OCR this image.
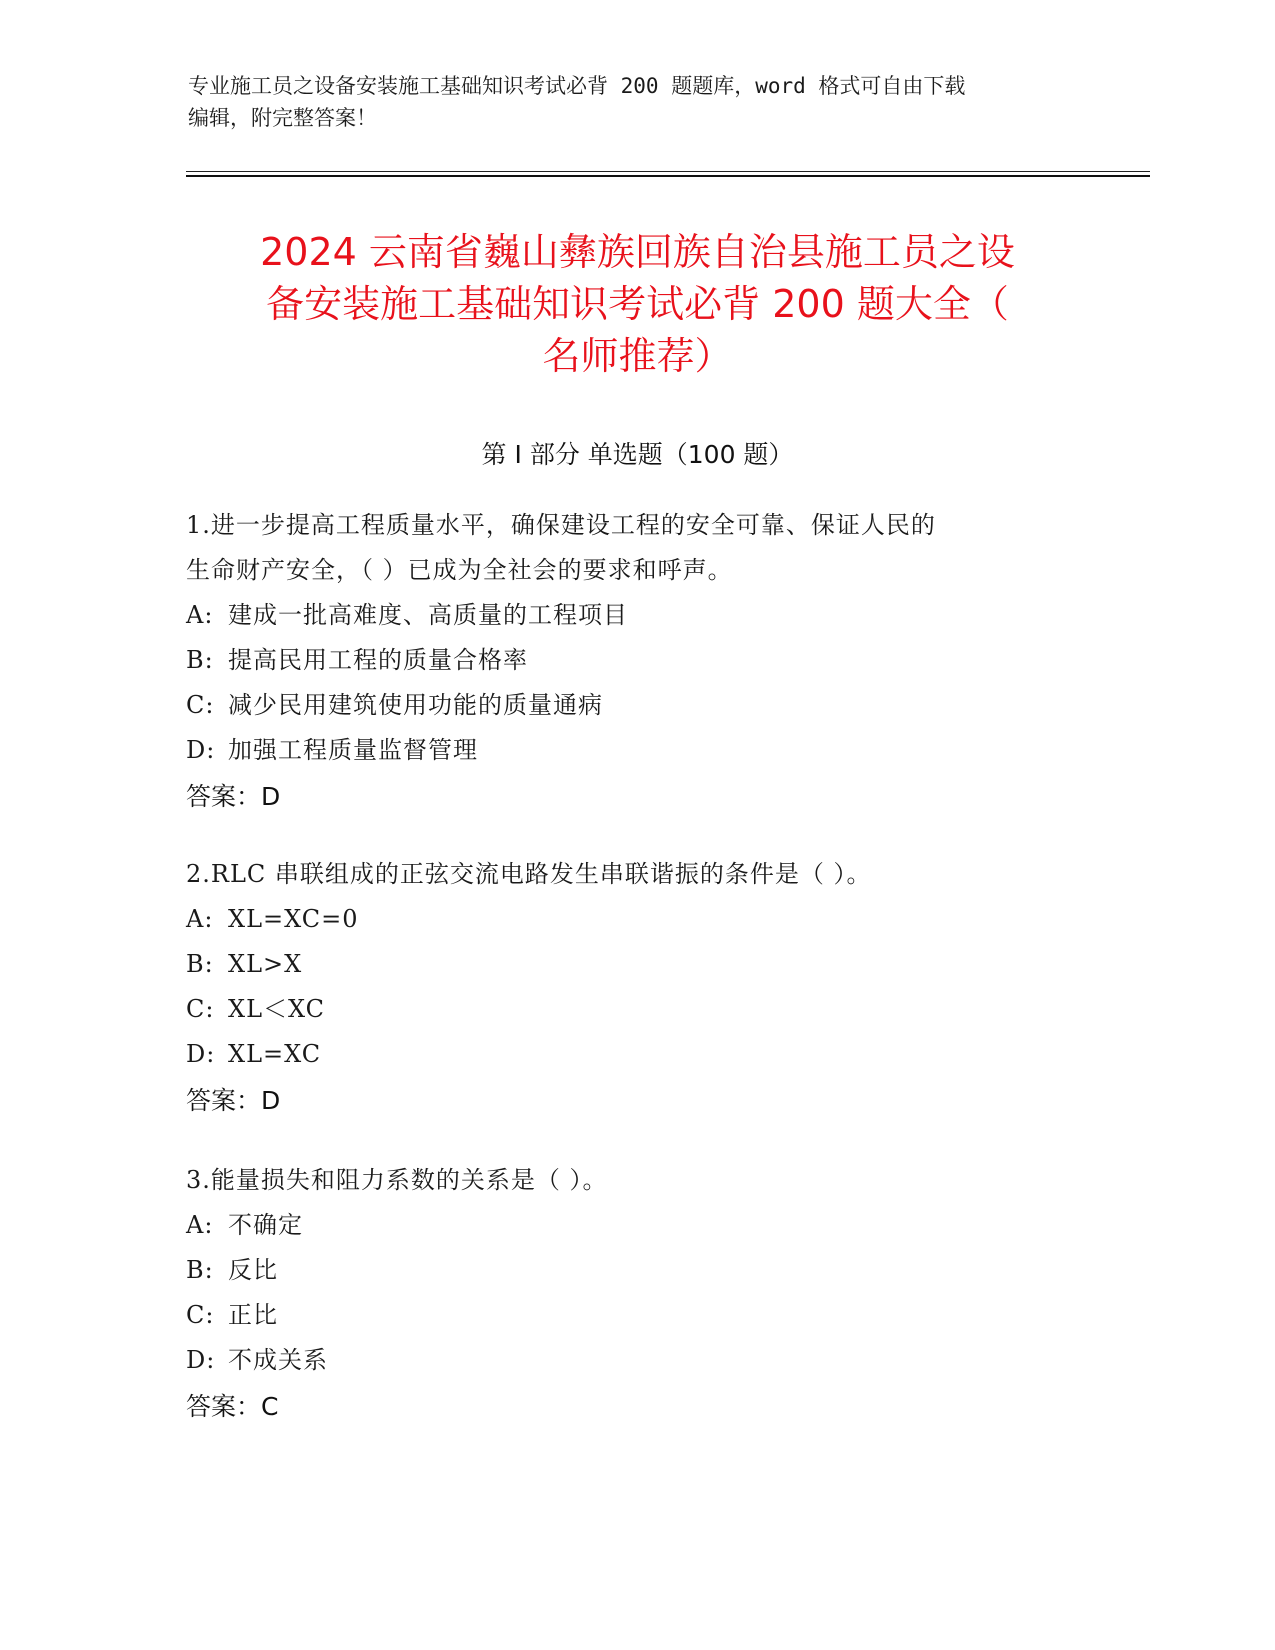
专业施工员之设备安装施工基础知识考试必背 200 题题库，word 格式可自由下载
编辑，附完整答案！
2024 云南省巍山彝族回族自治县施工员之设
备安装施工基础知识考试必背 200 题大全（
名师推荐）
第 I 部分 单选题（100 题）
1.进一步提高工程质量水平，确保建设工程的安全可靠、保证人民的
生命财产安全，（ ）已成为全社会的要求和呼声。
A: 建成一批高难度、高质量的工程项目
B: 提高民用工程的质量合格率
C: 减少民用建筑使用功能的质量通病
D: 加强工程质量监督管理
答案：D
2.RLC 串联组成的正弦交流电路发生串联谐振的条件是（ ）。
A: XL=XC=0
B: XL>X
C: XL＜XC
D: XL=XC
答案：D
3.能量损失和阻力系数的关系是（ ）。
A: 不确定
B: 反比
C: 正比
D: 不成关系
答案：C
